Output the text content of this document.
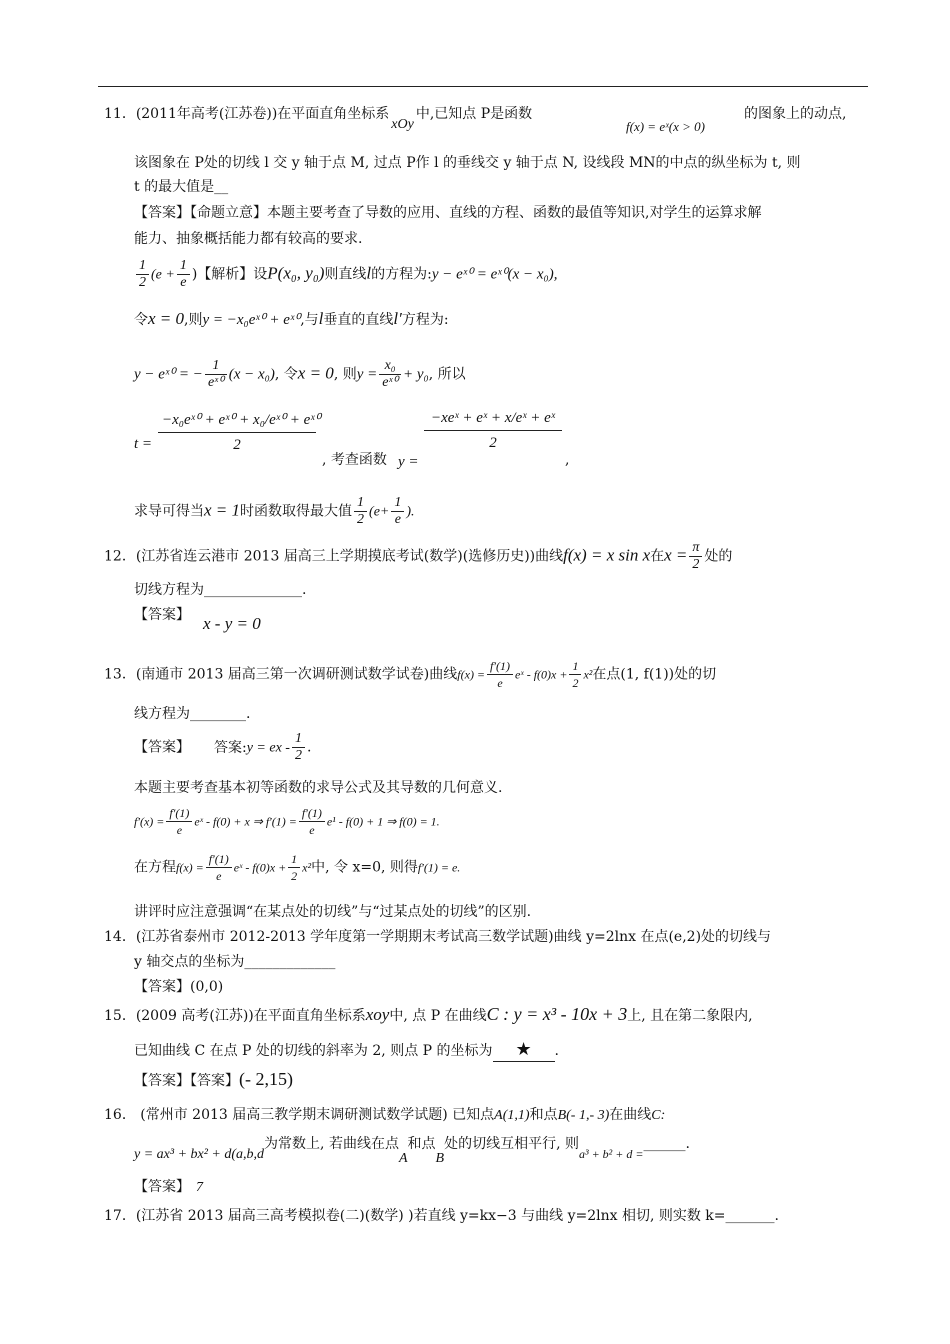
11．(2011年高考(江苏卷))在平面直角坐标系xOy中,已知点 P是函数
f(x) = eˣ(x > 0)
的图象上的动点,
该图象在 P处的切线 l 交 y 轴于点 M, 过点 P作 l 的垂线交 y 轴于点 N, 设线段 MN的中点的纵坐标为 t, 则
t 的最大值是__
【答案】【命题立意】本题主要考查了导数的应用、直线的方程、函数的最值等知识,对学生的运算求解
能力、抽象概括能力都有较高的要求.
$\frac{1}{2} (e + \frac{1}{e}$ )【解析】设P(x₀, y₀)则直线l的方程为:y − eˣ⁰ = eˣ⁰(x − x₀),
令x = 0,则y = −x₀eˣ⁰ + eˣ⁰,与l垂直的直线l′方程为:
y − eˣ⁰ = − $\frac{1}{\text{eˣ⁰}} (x - x_0)$, 令x = 0, 则$y = \frac{\text{x₀}}{\text{eˣ⁰}} + y_0$, 所以
$t = \frac{\text{−x₀eˣ⁰ + eˣ⁰ + x₀/eˣ⁰ + eˣ⁰}}{2}$
, 考查函数 y =
−xeˣ + eˣ + x/eˣ + eˣ
2
,
求导可得当x = 1时函数取得最大值 $\frac{1}{2} (e+ \frac{1}{e}$ ).
12．(江苏省连云港市 2013 届高三上学期摸底考试(数学)(选修历史))曲线f(x) = x sin x在$x = \frac{\pi}{2}$ 处的
切线方程为______________.
【答案】 x - y = 0
13．(南通市 2013 届高三第一次调研测试数学试卷)曲线$f(x) = \frac{f'(1)}{e}$ eˣ - $f(0)x + \frac{1}{2} x^2$在点(1, f(1))处的切
线方程为________.
【答案】 答案:y = ex - $\frac{1}{2}$ .
本题主要考查基本初等函数的求导公式及其导数的几何意义.
$f'(x) = \frac{f'(1)}{e}$ eˣ - f(0) + x ⇒ $f'(1) = \frac{f'(1)}{e} e^1 - f(0) + 1$ ⇒ f(0) = 1.
在方程$f(x) = \frac{f'(1)}{e}$ eˣ - $f(0)x + \frac{1}{2} x^2$中, 令 x=0, 则得f′(1) = e.
讲评时应注意强调“在某点处的切线”与“过某点处的切线”的区别.
14．(江苏省泰州市 2012-2013 学年度第一学期期末考试高三数学试题)曲线 y=2lnx 在点(e,2)处的切线与
y 轴交点的坐标为_____________
【答案】(0,0)
15．(2009 高考(江苏))在平面直角坐标系xoy中, 点 P 在曲线C : y = x³ - 10x + 3上, 且在第二象限内,
已知曲线 C 在点 P 处的切线的斜率为 2, 则点 P 的坐标为 ★ .
【答案】【答案】(- 2,15)
16． (常州市 2013 届高三教学期末调研测试数学试题) 已知点A(1,1)和点B(- 1,- 3)在曲线C:
y = ax³ + bx² + d(a,b,d为常数上, 若曲线在点A和点B处的切线互相平行, 则a³ + b² + d =______.
【答案】 7
17．(江苏省 2013 届高三高考模拟卷(二)(数学) )若直线 y=kx−3 与曲线 y=2lnx 相切, 则实数 k=_______.
